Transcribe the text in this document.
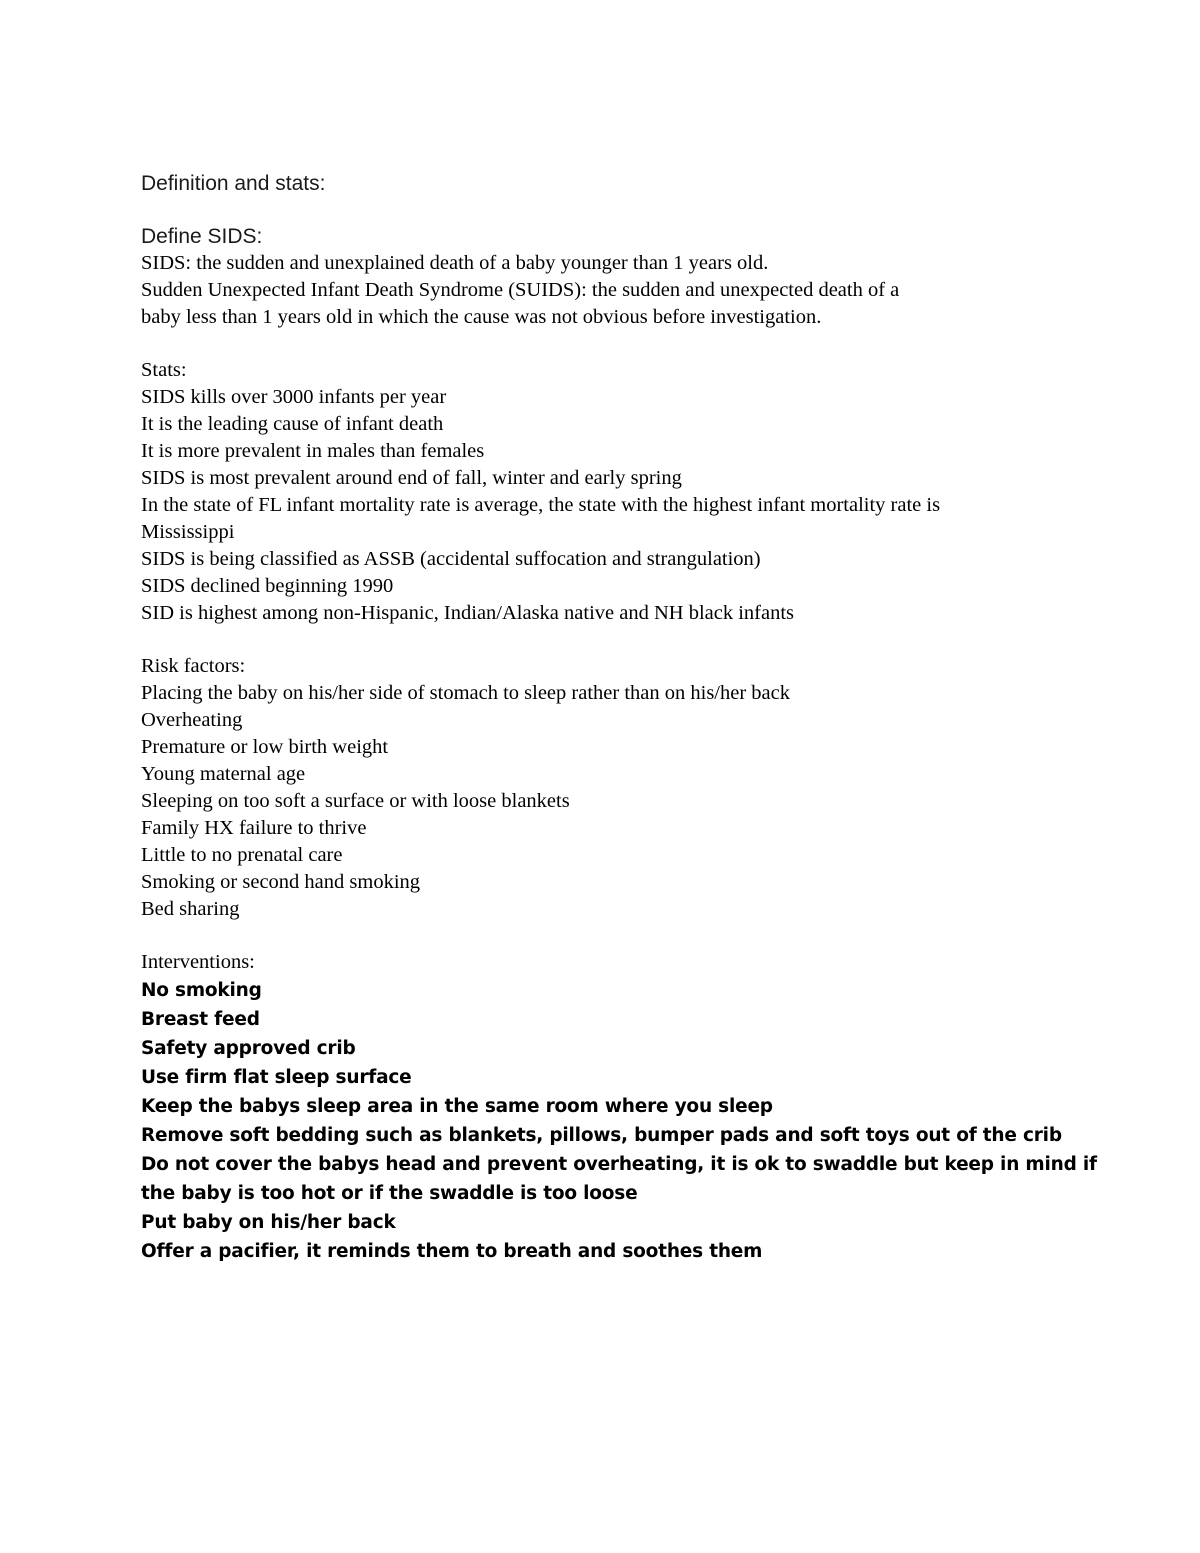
Definition and stats:
Define SIDS:
SIDS: the sudden and unexplained death of a baby younger than 1 years old.
Sudden Unexpected Infant Death Syndrome (SUIDS): the sudden and unexpected death of a
baby less than 1 years old in which the cause was not obvious before investigation.
Stats:
SIDS kills over 3000 infants per year
It is the leading cause of infant death
It is more prevalent in males than females
SIDS is most prevalent around end of fall, winter and early spring
In the state of FL infant mortality rate is average, the state with the highest infant mortality rate is
Mississippi
SIDS is being classified as ASSB (accidental suffocation and strangulation)
SIDS declined beginning 1990
SID is highest among non-Hispanic, Indian/Alaska native and NH black infants
Risk factors:
Placing the baby on his/her side of stomach to sleep rather than on his/her back
Overheating
Premature or low birth weight
Young maternal age
Sleeping on too soft a surface or with loose blankets
Family HX failure to thrive
Little to no prenatal care
Smoking or second hand smoking
Bed sharing
Interventions:
No smoking
Breast feed
Safety approved crib
Use firm flat sleep surface
Keep the babys sleep area in the same room where you sleep
Remove soft bedding such as blankets, pillows, bumper pads and soft toys out of the crib
Do not cover the babys head and prevent overheating, it is ok to swaddle but keep in mind if
the baby is too hot or if the swaddle is too loose
Put baby on his/her back
Offer a pacifier, it reminds them to breath and soothes them
